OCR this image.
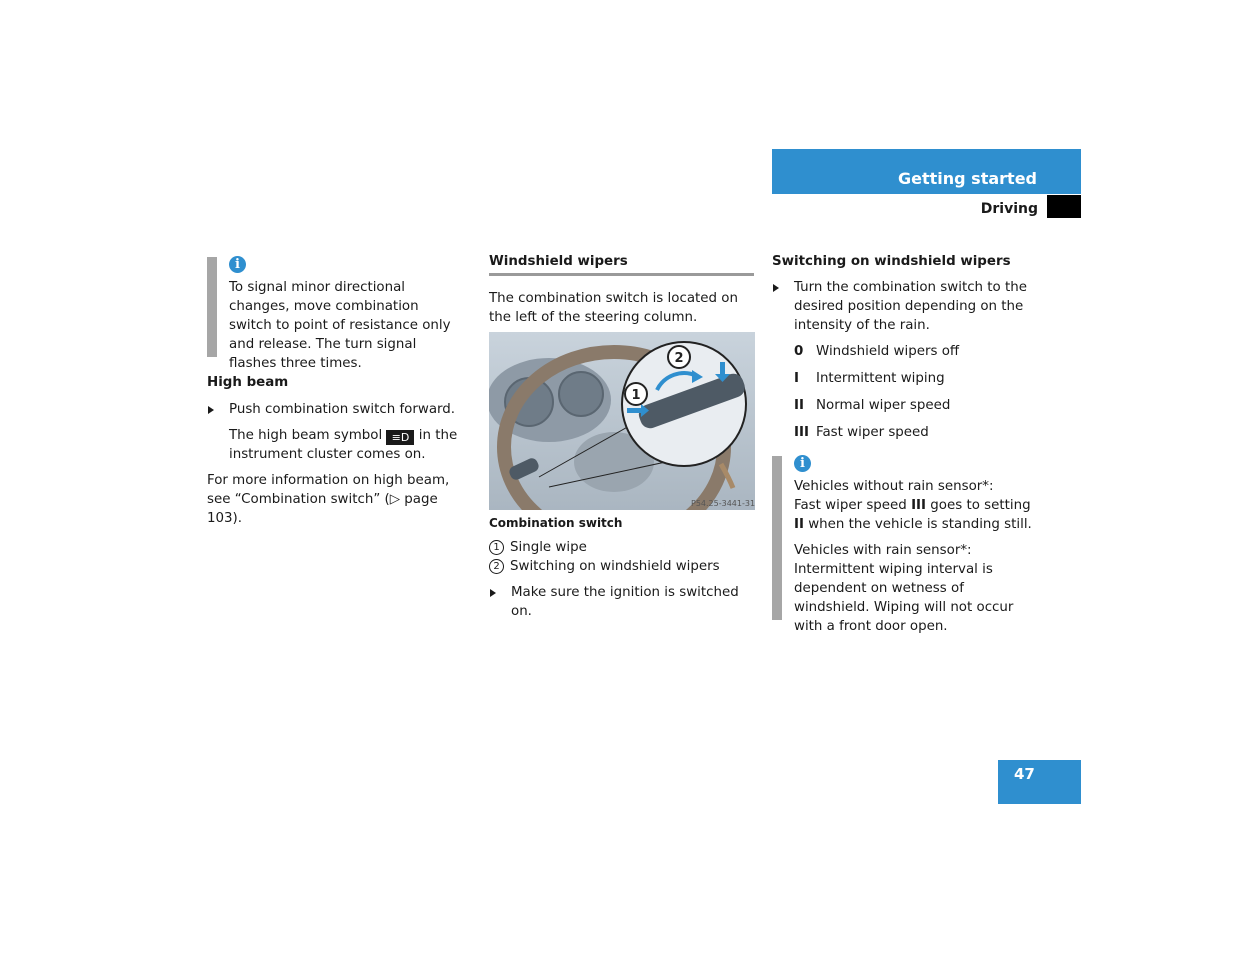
Getting started
Driving
i

To signal minor directional changes, move combination switch to point of resistance only and release. The turn signal flashes three times.

High beam

Push combination switch forward.

The high beam symbol ≡D in the instrument cluster comes on.

For more information on high beam, see “Combination switch” (▷ page 103).

Windshield wipers

The combination switch is located on the left of the steering column.

2
1
P54.25-3441-31

Combination switch

1 Single wipe

2 Switching on windshield wipers

Make sure the ignition is switched on.

Switching on windshield wipers

Turn the combination switch to the desired position depending on the intensity of the rain.
0 Windshield wipers off
I	Intermittent wiping
II Normal wiper speed
III Fast wiper speed
i

Vehicles without rain sensor*:
Fast wiper speed III goes to setting II when the vehicle is standing still.

Vehicles with rain sensor*: Intermittent wiping interval is dependent on wetness of windshield. Wiping will not occur with a front door open.

47
